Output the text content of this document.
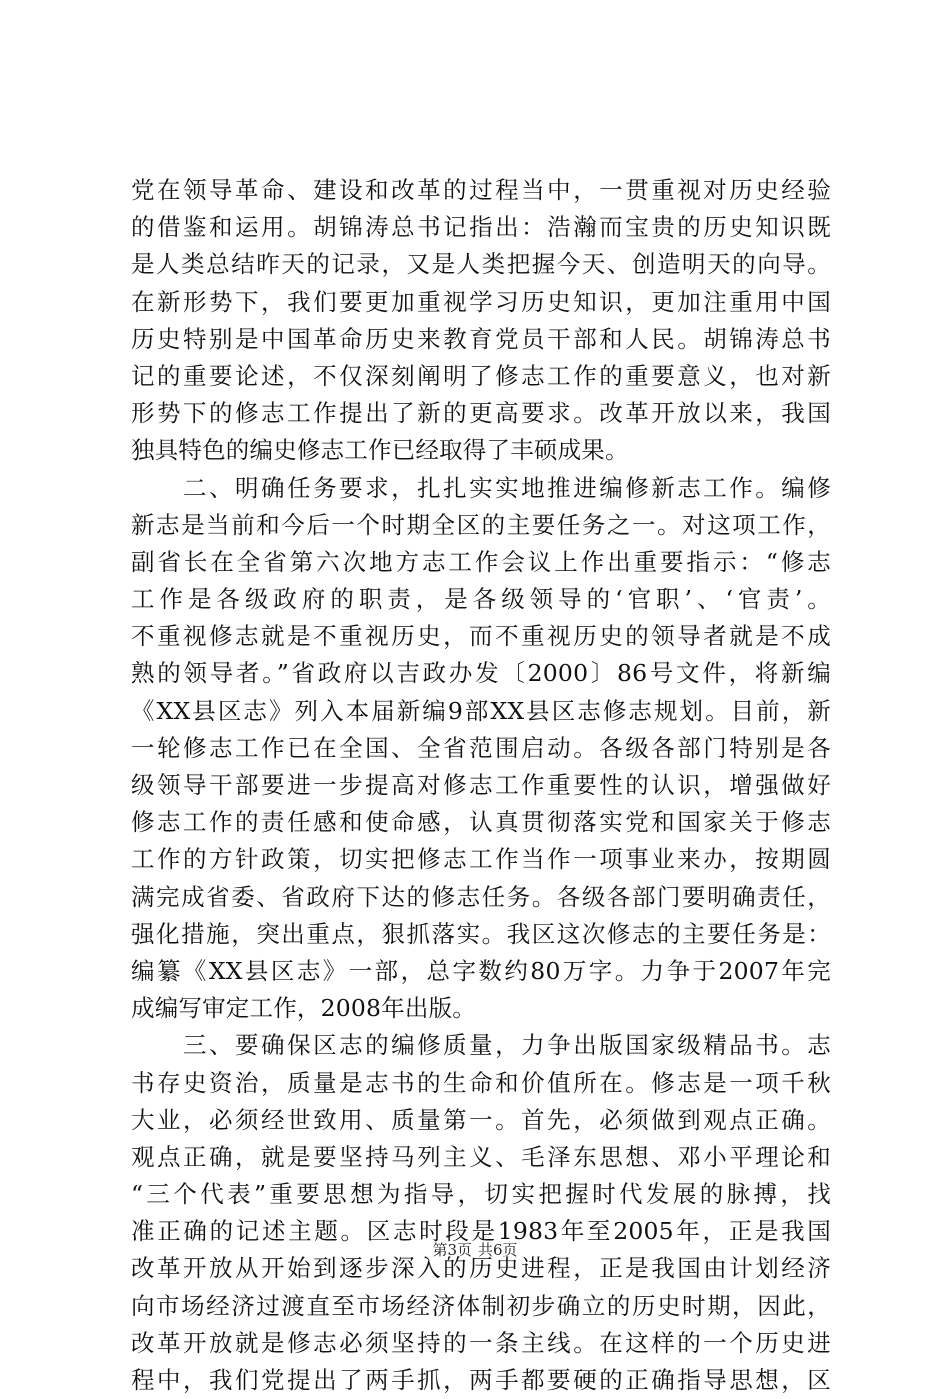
党在领导革命、建设和改革的过程当中，一贯重视对历史经验
的借鉴和运用。胡锦涛总书记指出：浩瀚而宝贵的历史知识既
是人类总结昨天的记录，又是人类把握今天、创造明天的向导。
在新形势下，我们要更加重视学习历史知识，更加注重用中国
历史特别是中国革命历史来教育党员干部和人民。胡锦涛总书
记的重要论述，不仅深刻阐明了修志工作的重要意义，也对新
形势下的修志工作提出了新的更高要求。改革开放以来，我国
独具特色的编史修志工作已经取得了丰硕成果。
　　二、明确任务要求，扎扎实实地推进编修新志工作。编修
新志是当前和今后一个时期全区的主要任务之一。对这项工作，
副省长在全省第六次地方志工作会议上作出重要指示：“修志
工作是各级政府的职责，是各级领导的‘官职’、‘官责’。
不重视修志就是不重视历史，而不重视历史的领导者就是不成
熟的领导者。”省政府以吉政办发〔2000〕86号文件，将新编
《XX县区志》列入本届新编9部XX县区志修志规划。目前，新
一轮修志工作已在全国、全省范围启动。各级各部门特别是各
级领导干部要进一步提高对修志工作重要性的认识，增强做好
修志工作的责任感和使命感，认真贯彻落实党和国家关于修志
工作的方针政策，切实把修志工作当作一项事业来办，按期圆
满完成省委、省政府下达的修志任务。各级各部门要明确责任，
强化措施，突出重点，狠抓落实。我区这次修志的主要任务是：
编纂《XX县区志》一部，总字数约80万字。力争于2007年完
成编写审定工作，2008年出版。
　　三、要确保区志的编修质量，力争出版国家级精品书。志
书存史资治，质量是志书的生命和价值所在。修志是一项千秋
大业，必须经世致用、质量第一。首先，必须做到观点正确。
观点正确，就是要坚持马列主义、毛泽东思想、邓小平理论和
“三个代表”重要思想为指导，切实把握时代发展的脉搏，找
准正确的记述主题。区志时段是1983年至2005年，正是我国
改革开放从开始到逐步深入的历史进程，正是我国由计划经济
向市场经济过渡直至市场经济体制初步确立的历史时期，因此，
改革开放就是修志必须坚持的一条主线。在这样的一个历史进
程中，我们党提出了两手抓，两手都要硬的正确指导思想，区
第3页 共6页
